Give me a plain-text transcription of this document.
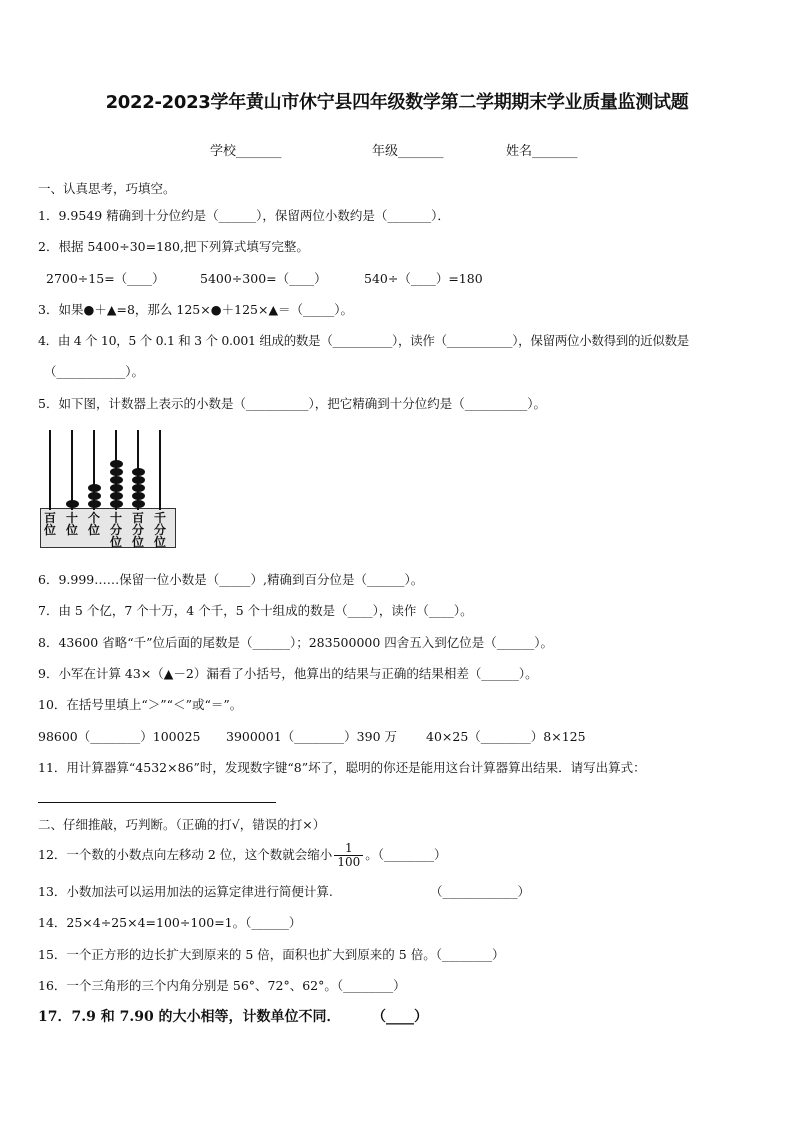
2022-2023学年黄山市休宁县四年级数学第二学期期末学业质量监测试题
学校_______	年级_______	姓名_______
一、认真思考，巧填空。
1．9.9549 精确到十分位约是（______），保留两位小数约是（_______）．
2．根据 5400÷30=180,把下列算式填写完整。
2700÷15=（____）	5400÷300=（____）	540÷（____）=180
3．如果●＋▲=8，那么 125×●＋125×▲＝（_____）。
4．由 4 个 10，5 个 0.1 和 3 个 0.001 组成的数是（__________），读作（___________），保留两位小数得到的近似数是
（___________）。
5．如下图，计数器上表示的小数是（__________），把它精确到十分位约是（__________）。
百位
十位
个位
十分位
百分位
千分位
6．9.999……保留一位小数是（_____）,精确到百分位是（______）。
7．由 5 个亿，7 个十万，4 个千，5 个十组成的数是（____），读作（____）。
8．43600 省略“千”位后面的尾数是（______）；283500000 四舍五入到亿位是（______）。
9．小军在计算 43×（▲－2）漏看了小括号，他算出的结果与正确的结果相差（______）。
10．在括号里填上“＞”“＜”或“＝”。
98600（________）100025 3900001（________）390 万 40×25（________）8×125
11．用计算器算“4532×86”时，发现数字键“8”坏了，聪明的你还是能用这台计算器算出结果．请写出算式：
二、仔细推敲，巧判断。（正确的打√，错误的打×）
12．一个数的小数点向左移动 2 位，这个数就会缩小 $\frac{1}{100}$ 。（________）
13．小数加法可以运用加法的运算定律进行简便计算.	（____________）
14．25×4÷25×4=100÷100=1。（______）
15．一个正方形的边长扩大到原来的 5 倍，面积也扩大到原来的 5 倍。（________）
16．一个三角形的三个内角分别是 56°、72°、62°。（________）
17．7.9 和 7.90 的大小相等，计数单位不同． （____）
